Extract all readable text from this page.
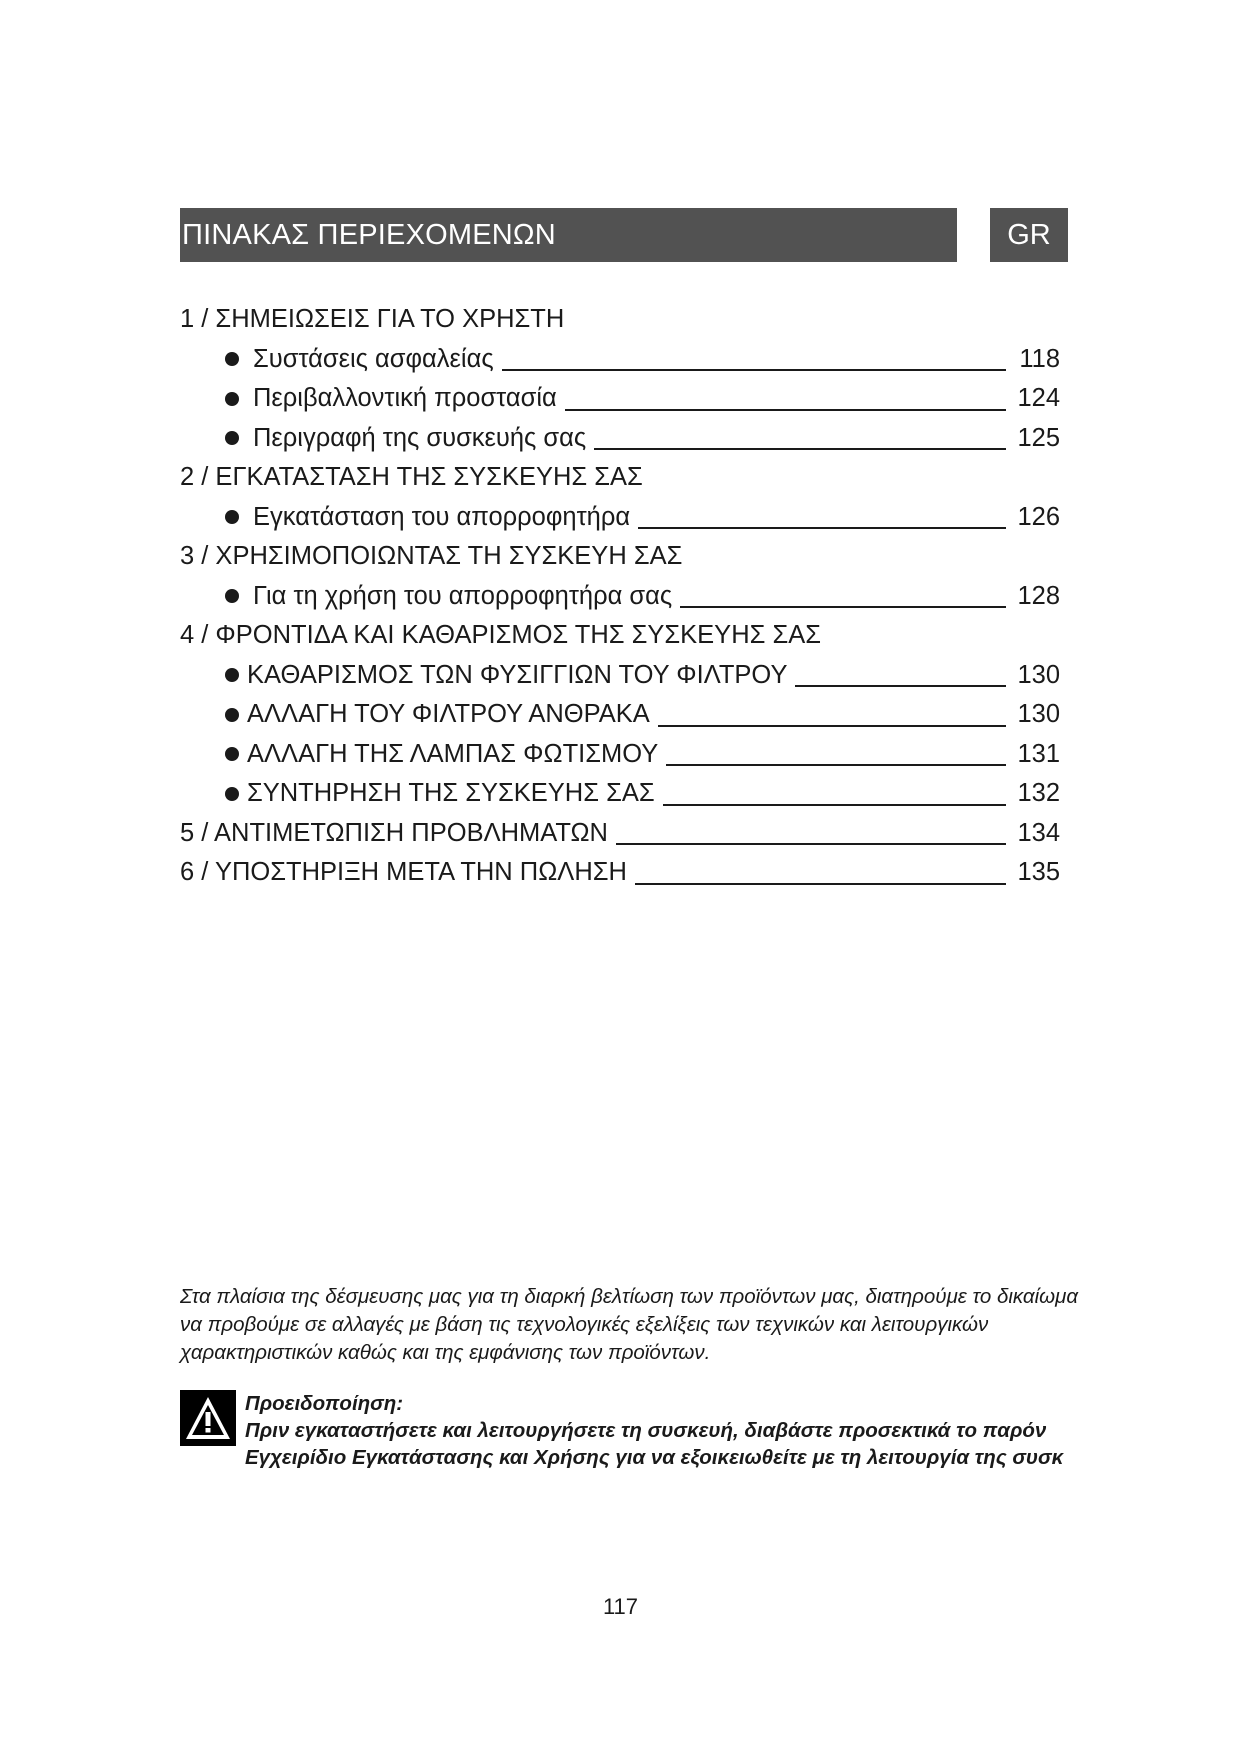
ΠΙΝΑΚΑΣ ΠΕΡΙΕΧΟΜΕΝΩΝ	GR
1 / ΣΗΜΕΙΩΣΕΙΣ ΓΙΑ ΤΟ ΧΡΗΣΤΗ
Συστάσεις ασφαλείας	118
Περιβαλλοντική προστασία	124
Περιγραφή της συσκευής σας	125
2 / ΕΓΚΑΤΑΣΤΑΣΗ ΤΗΣ ΣΥΣΚΕΥΗΣ ΣΑΣ
Εγκατάσταση του απορροφητήρα	126
3 / ΧΡΗΣΙΜΟΠΟΙΩΝΤΑΣ ΤΗ ΣΥΣΚΕΥΗ ΣΑΣ
Για τη χρήση του απορροφητήρα σας	128
4 / ΦΡΟΝΤΙΔΑ ΚΑΙ ΚΑΘΑΡΙΣΜΟΣ ΤΗΣ ΣΥΣΚΕΥΗΣ ΣΑΣ
ΚΑΘΑΡΙΣΜΟΣ ΤΩΝ ΦΥΣΙΓΓΙΩΝ ΤΟΥ ΦΙΛΤΡΟΥ	130
ΑΛΛΑΓΗ ΤΟΥ ΦΙΛΤΡΟΥ ΑΝΘΡΑΚΑ	130
ΑΛΛΑΓΗ ΤΗΣ ΛΑΜΠΑΣ ΦΩΤΙΣΜΟΥ	131
ΣΥΝΤΗΡΗΣΗ ΤΗΣ ΣΥΣΚΕΥΗΣ ΣΑΣ	132
5 / ΑΝΤΙΜΕΤΩΠΙΣΗ ΠΡΟΒΛΗΜΑΤΩΝ	134
6 / ΥΠΟΣΤΗΡΙΞΗ ΜΕΤΑ ΤΗΝ ΠΩΛΗΣΗ	135
Στα πλαίσια της δέσμευσης μας για τη διαρκή βελτίωση των προϊόντων μας, διατηρούμε το δικαίωμα να προβούμε σε αλλαγές με βάση τις τεχνολογικές εξελίξεις των τεχνικών και λειτουργικών χαρακτηριστικών καθώς και της εμφάνισης των προϊόντων.
Προειδοποίηση:
Πριν εγκαταστήσετε και λειτουργήσετε τη συσκευή, διαβάστε προσεκτικά το παρόν Εγχειρίδιο Εγκατάστασης και Χρήσης για να εξοικειωθείτε με τη λειτουργία της συσκ
117
